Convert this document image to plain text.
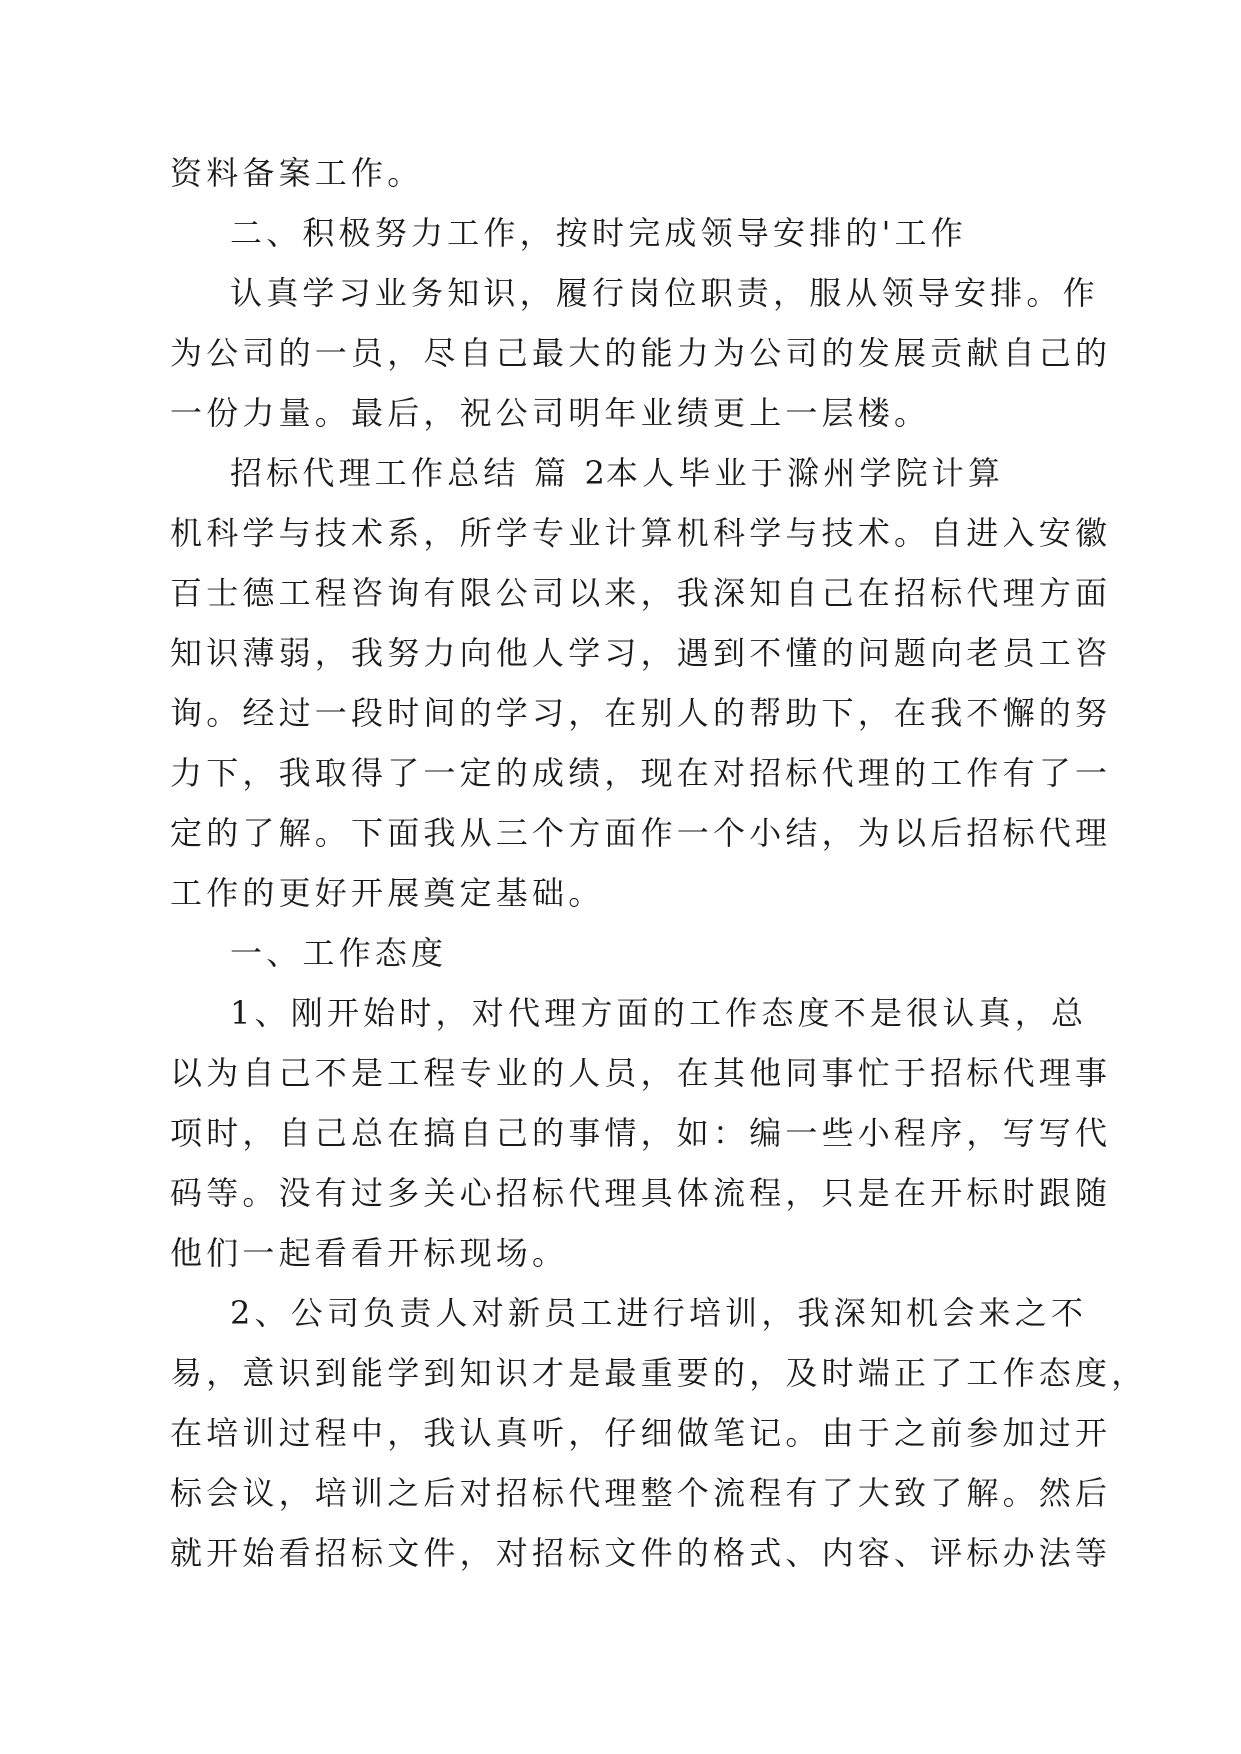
资料备案工作。
二、积极努力工作，按时完成领导安排的'工作
认真学习业务知识，履行岗位职责，服从领导安排。作
为公司的一员，尽自己最大的能力为公司的发展贡献自己的
一份力量。最后，祝公司明年业绩更上一层楼。
招标代理工作总结 篇 2
本人毕业于滁州学院计算
机科学与技术系，所学专业计算机科学与技术。自进入安徽
百士德工程咨询有限公司以来，我深知自己在招标代理方面
知识薄弱，我努力向他人学习，遇到不懂的问题向老员工咨
询。经过一段时间的学习，在别人的帮助下，在我不懈的努
力下，我取得了一定的成绩，现在对招标代理的工作有了一
定的了解。下面我从三个方面作一个小结，为以后招标代理
工作的更好开展奠定基础。
一、工作态度
1、刚开始时，对代理方面的工作态度不是很认真，总
以为自己不是工程专业的人员，在其他同事忙于招标代理事
项时，自己总在搞自己的事情，如：编一些小程序，写写代
码等。没有过多关心招标代理具体流程，只是在开标时跟随
他们一起看看开标现场。
2、公司负责人对新员工进行培训，我深知机会来之不
易，意识到能学到知识才是最重要的，及时端正了工作态度，
在培训过程中，我认真听，仔细做笔记。由于之前参加过开
标会议，培训之后对招标代理整个流程有了大致了解。然后
就开始看招标文件，对招标文件的格式、内容、评标办法等
